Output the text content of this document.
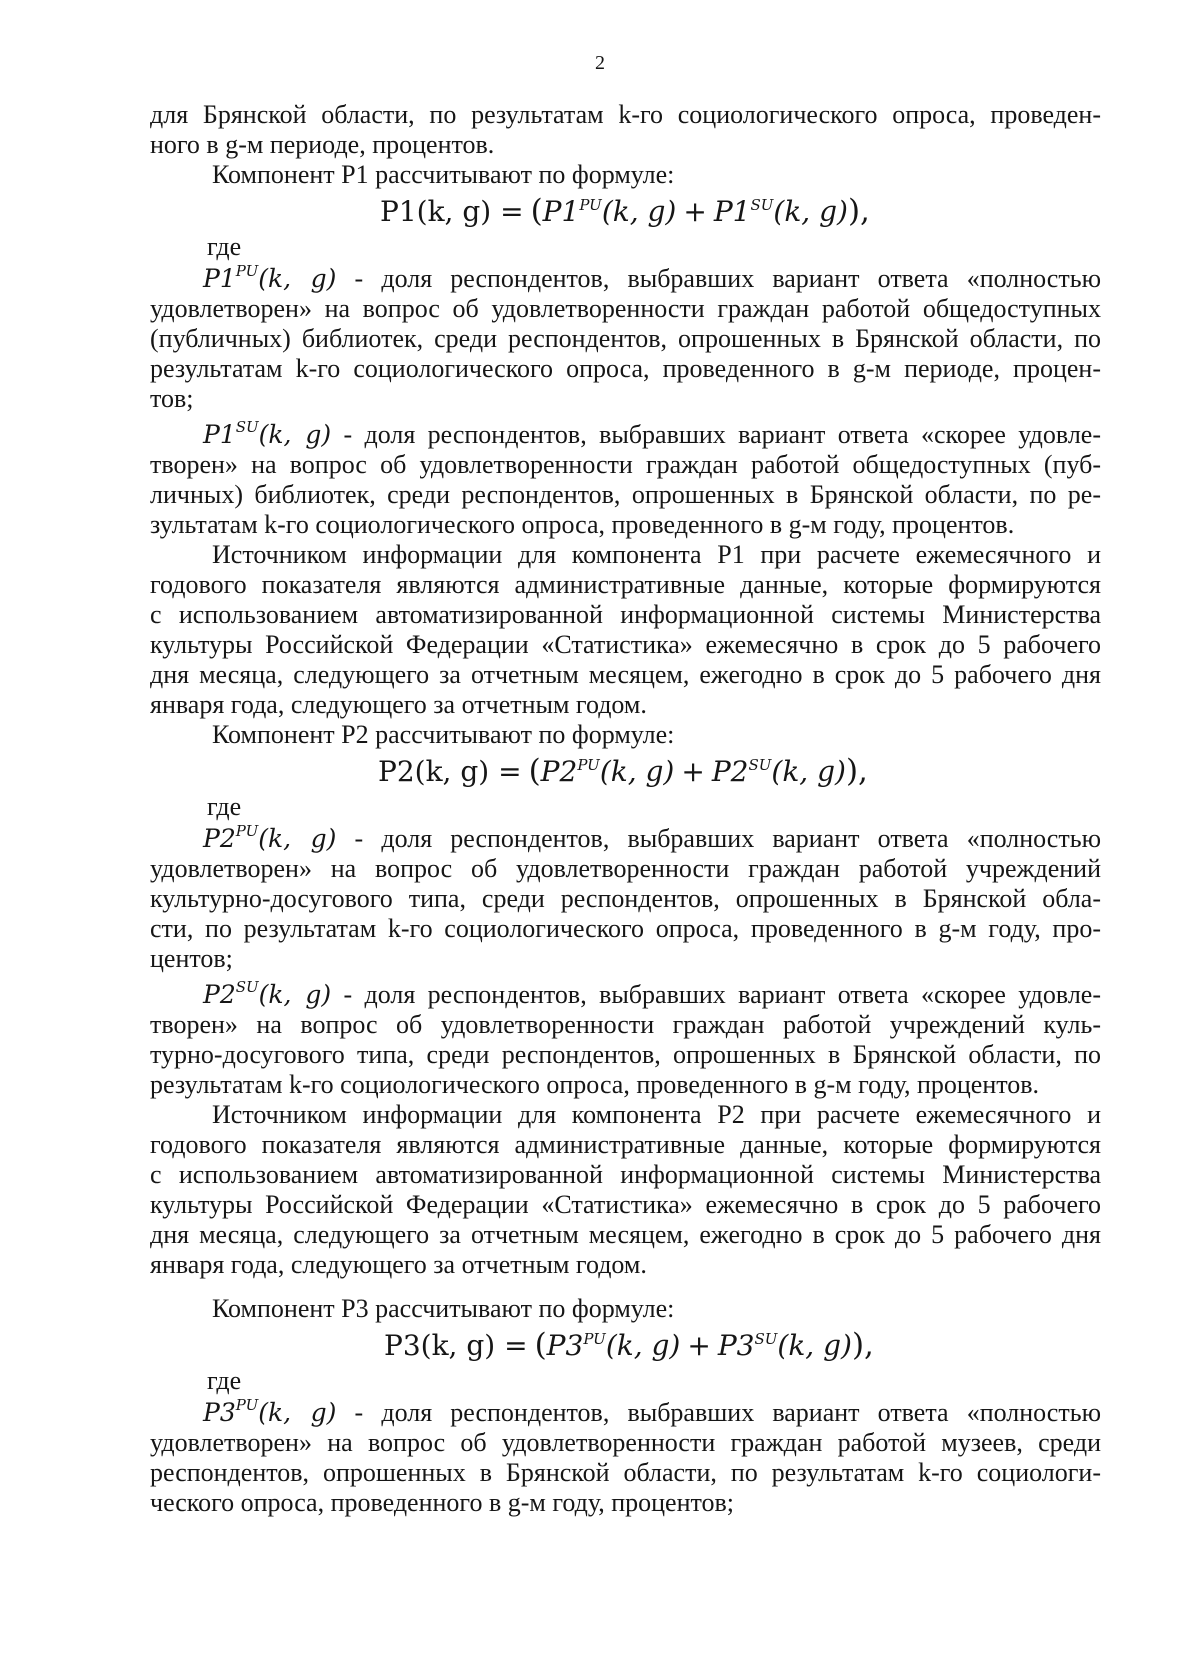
2
для Брянской области, по результатам k-го социологического опроса, проведен-
ного в g-м периоде, процентов.
Компонент Р1 рассчитывают по формуле:
P1(k, $g) = (P1^{PU}(k$, $g) + P1^{SU}(k$, g)),
где
$P1^{PU}(k$, g) - доля респондентов, выбравших вариант ответа «полностью
удовлетворен» на вопрос об удовлетворенности граждан работой общедоступных
(публичных) библиотек, среди респондентов, опрошенных в Брянской области, по
результатам k-го социологического опроса, проведенного в g-м периоде, процен-
тов;
$P1^{SU}(k$, g) - доля респондентов, выбравших вариант ответа «скорее удовле-
творен» на вопрос об удовлетворенности граждан работой общедоступных (пуб-
личных) библиотек, среди респондентов, опрошенных в Брянской области, по ре-
зультатам k-го социологического опроса, проведенного в g-м году, процентов.
Источником информации для компонента Р1 при расчете ежемесячного и
годового показателя являются административные данные, которые формируются
с использованием автоматизированной информационной системы Министерства
культуры Российской Федерации «Статистика» ежемесячно в срок до 5 рабочего
дня месяца, следующего за отчетным месяцем, ежегодно в срок до 5 рабочего дня
января года, следующего за отчетным годом.
Компонент Р2 рассчитывают по формуле:
P2(k, $g) = (P2^{PU}(k$, $g) + P2^{SU}(k$, g)),
где
$P2^{PU}(k$, g) - доля респондентов, выбравших вариант ответа «полностью
удовлетворен» на вопрос об удовлетворенности граждан работой учреждений
культурно-досугового типа, среди респондентов, опрошенных в Брянской обла-
сти, по результатам k-го социологического опроса, проведенного в g-м году, про-
центов;
$P2^{SU}(k$, g) - доля респондентов, выбравших вариант ответа «скорее удовле-
творен» на вопрос об удовлетворенности граждан работой учреждений куль-
турно-досугового типа, среди респондентов, опрошенных в Брянской области, по
результатам k-го социологического опроса, проведенного в g-м году, процентов.
Источником информации для компонента Р2 при расчете ежемесячного и
годового показателя являются административные данные, которые формируются
с использованием автоматизированной информационной системы Министерства
культуры Российской Федерации «Статистика» ежемесячно в срок до 5 рабочего
дня месяца, следующего за отчетным месяцем, ежегодно в срок до 5 рабочего дня
января года, следующего за отчетным годом.
Компонент Р3 рассчитывают по формуле:
P3(k, $g) = (P3^{PU}(k$, $g) + P3^{SU}(k$, g)),
где
$P3^{PU}(k$, g) - доля респондентов, выбравших вариант ответа «полностью
удовлетворен» на вопрос об удовлетворенности граждан работой музеев, среди
респондентов, опрошенных в Брянской области, по результатам k-го социологи-
ческого опроса, проведенного в g-м году, процентов;
